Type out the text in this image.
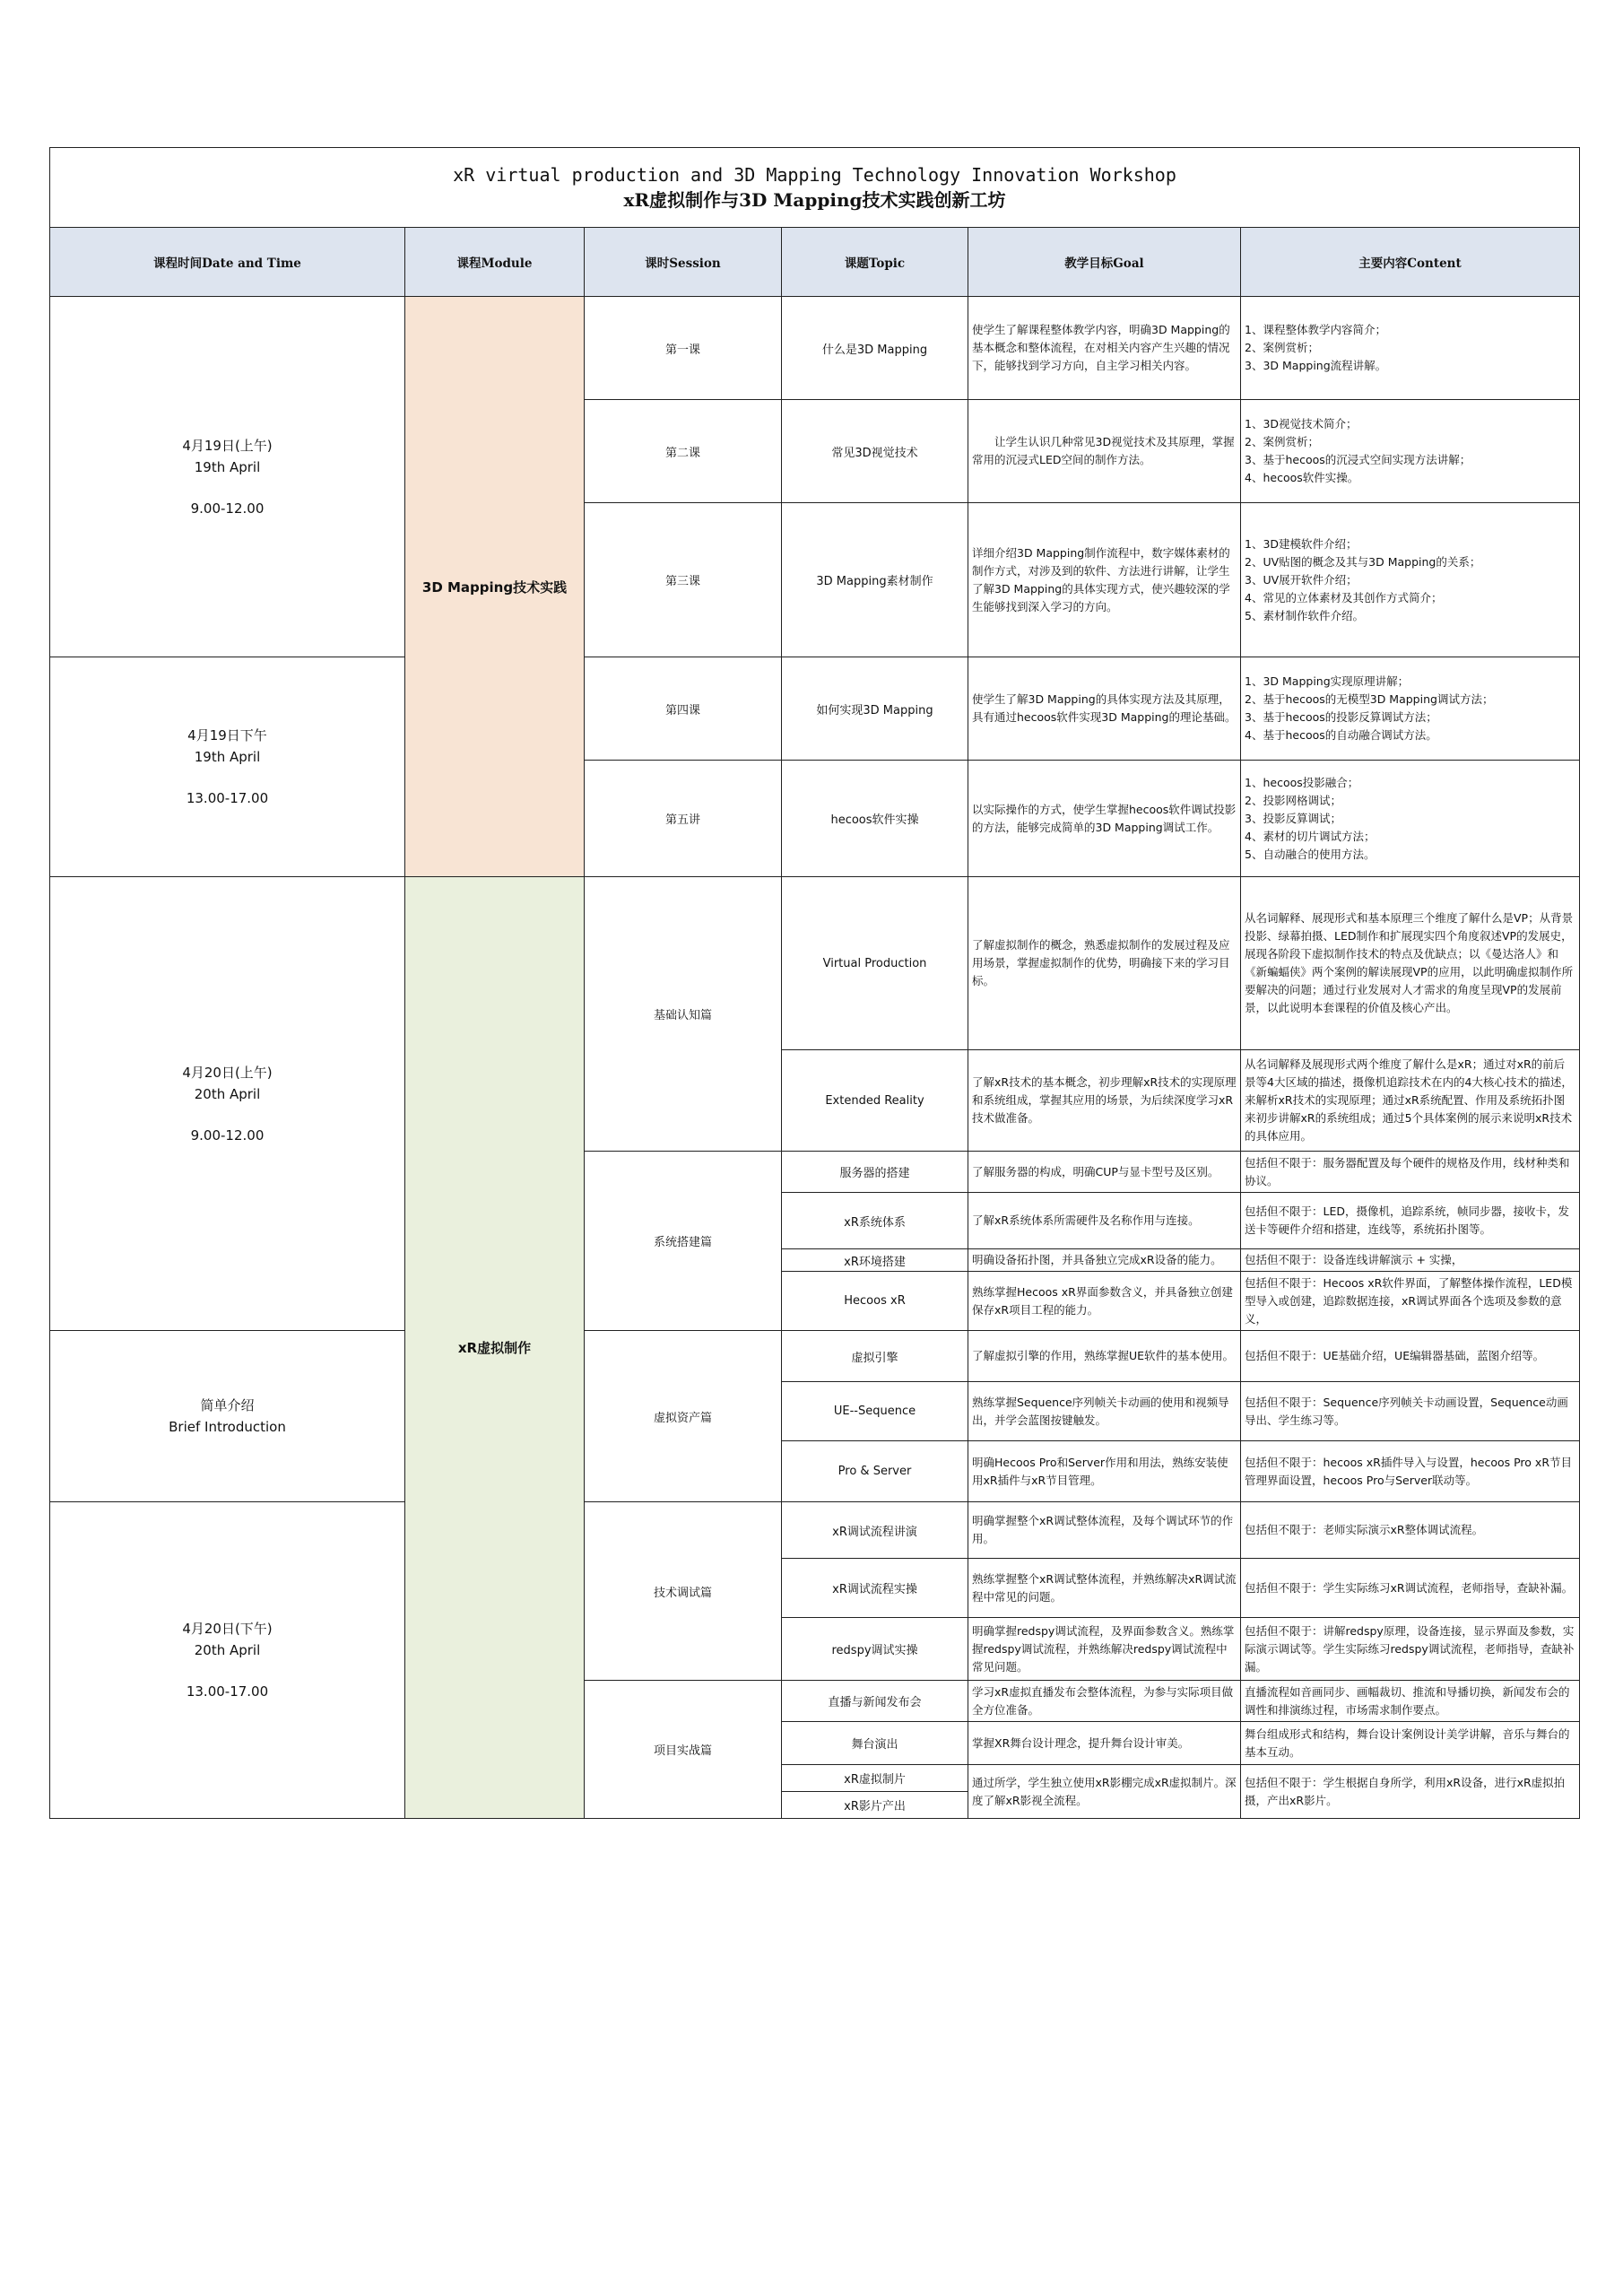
xR virtual production and 3D Mapping Technology Innovation Workshop
xR虚拟制作与3D Mapping技术实践创新工坊					

课程时间Date and Time	课程Module	课时Session	课题Topic	教学目标Goal	主要内容Content

4月19日(上午)
19th April
9.00-12.00	3D Mapping技术实践	第一课	什么是3D Mapping	使学生了解课程整体教学内容，明确3D Mapping的基本概念和整体流程，在对相关内容产生兴趣的情况下，能够找到学习方向，自主学习相关内容。	1、课程整体教学内容简介；
2、案例赏析；
3、3D Mapping流程讲解。
		第二课	常见3D视觉技术	　　让学生认识几种常见3D视觉技术及其原理，掌握常用的沉浸式LED空间的制作方法。	1、3D视觉技术简介；
2、案例赏析；
3、基于hecoos的沉浸式空间实现方法讲解；
4、hecoos软件实操。
		第三课	3D Mapping素材制作	详细介绍3D Mapping制作流程中，数字媒体素材的制作方式，对涉及到的软件、方法进行讲解，让学生了解3D Mapping的具体实现方式，使兴趣较深的学生能够找到深入学习的方向。	1、3D建模软件介绍；
2、UV贴图的概念及其与3D Mapping的关系；
3、UV展开软件介绍；
4、常见的立体素材及其创作方式简介；
5、素材制作软件介绍。

4月19日下午
19th April
13.00-17.00		第四课	如何实现3D Mapping	使学生了解3D Mapping的具体实现方法及其原理，具有通过hecoos软件实现3D Mapping的理论基础。	1、3D Mapping实现原理讲解；
2、基于hecoos的无模型3D Mapping调试方法；
3、基于hecoos的投影反算调试方法；
4、基于hecoos的自动融合调试方法。
		第五讲	hecoos软件实操	以实际操作的方式，使学生掌握hecoos软件调试投影的方法，能够完成简单的3D Mapping调试工作。	1、hecoos投影融合；
2、投影网格调试；
3、投影反算调试；
4、素材的切片调试方法；
5、自动融合的使用方法。

4月20日(上午)
20th April
9.00-12.00	xR虚拟制作	基础认知篇	Virtual Production	了解虚拟制作的概念，熟悉虚拟制作的发展过程及应用场景，掌握虚拟制作的优势，明确接下来的学习目标。	从名词解释、展现形式和基本原理三个维度了解什么是VP；从背景投影、绿幕拍摄、LED制作和扩展现实四个角度叙述VP的发展史，展现各阶段下虚拟制作技术的特点及优缺点；以《曼达洛人》和《新蝙蝠侠》两个案例的解读展现VP的应用，以此明确虚拟制作所要解决的问题；通过行业发展对人才需求的角度呈现VP的发展前景，以此说明本套课程的价值及核心产出。
			Extended Reality	了解xR技术的基本概念，初步理解xR技术的实现原理和系统组成，掌握其应用的场景，为后续深度学习xR技术做准备。	从名词解释及展现形式两个维度了解什么是xR；通过对xR的前后景等4大区域的描述，摄像机追踪技术在内的4大核心技术的描述，来解析xR技术的实现原理；通过xR系统配置、作用及系统拓扑图来初步讲解xR的系统组成；通过5个具体案例的展示来说明xR技术的具体应用。
		系统搭建篇	服务器的搭建	了解服务器的构成，明确CUP与显卡型号及区别。	包括但不限于：服务器配置及每个硬件的规格及作用，线材种类和协议。
			xR系统体系	了解xR系统体系所需硬件及名称作用与连接。	包括但不限于：LED，摄像机，追踪系统，帧同步器，接收卡，发送卡等硬件介绍和搭建，连线等，系统拓扑图等。
			xR环境搭建	明确设备拓扑图，并具备独立完成xR设备的能力。	包括但不限于：设备连线讲解演示 + 实操，
			Hecoos xR	熟练掌握Hecoos xR界面参数含义，并具备独立创建保存xR项目工程的能力。	包括但不限于：Hecoos xR软件界面，了解整体操作流程，LED模型导入或创建，追踪数据连接，xR调试界面各个选项及参数的意义，

简单介绍
Brief Introduction		虚拟资产篇	虚拟引擎	了解虚拟引擎的作用，熟练掌握UE软件的基本使用。	包括但不限于：UE基础介绍，UE编辑器基础，蓝图介绍等。
			UE--Sequence	熟练掌握Sequence序列帧关卡动画的使用和视频导出，并学会蓝图按键触发。	包括但不限于：Sequence序列帧关卡动画设置，Sequence动画导出、学生练习等。
			Pro & Server	明确Hecoos Pro和Server作用和用法，熟练安装使用xR插件与xR节目管理。	包括但不限于：hecoos xR插件导入与设置，hecoos Pro xR节目管理界面设置，hecoos Pro与Server联动等。

4月20日(下午)
20th April
13.00-17.00		技术调试篇	xR调试流程讲演	明确掌握整个xR调试整体流程，及每个调试环节的作用。	包括但不限于：老师实际演示xR整体调试流程。
			xR调试流程实操	熟练掌握整个xR调试整体流程，并熟练解决xR调试流程中常见的问题。	包括但不限于：学生实际练习xR调试流程，老师指导，查缺补漏。
			redspy调试实操	明确掌握redspy调试流程，及界面参数含义。熟练掌握redspy调试流程，并熟练解决redspy调试流程中常见问题。	包括但不限于：讲解redspy原理，设备连接，显示界面及参数，实际演示调试等。学生实际练习redspy调试流程，老师指导，查缺补漏。
		项目实战篇	直播与新闻发布会	学习xR虚拟直播发布会整体流程，为参与实际项目做全方位准备。	直播流程如音画同步、画幅裁切、推流和导播切换，新闻发布会的调性和排演练过程，市场需求制作要点。
			舞台演出	掌握XR舞台设计理念，提升舞台设计审美。	舞台组成形式和结构，舞台设计案例设计美学讲解，音乐与舞台的基本互动。
			xR虚拟制片	通过所学，学生独立使用xR影棚完成xR虚拟制片。深度了解xR影视全流程。	包括但不限于：学生根据自身所学，利用xR设备，进行xR虚拟拍摄，产出xR影片。
			xR影片产出		
